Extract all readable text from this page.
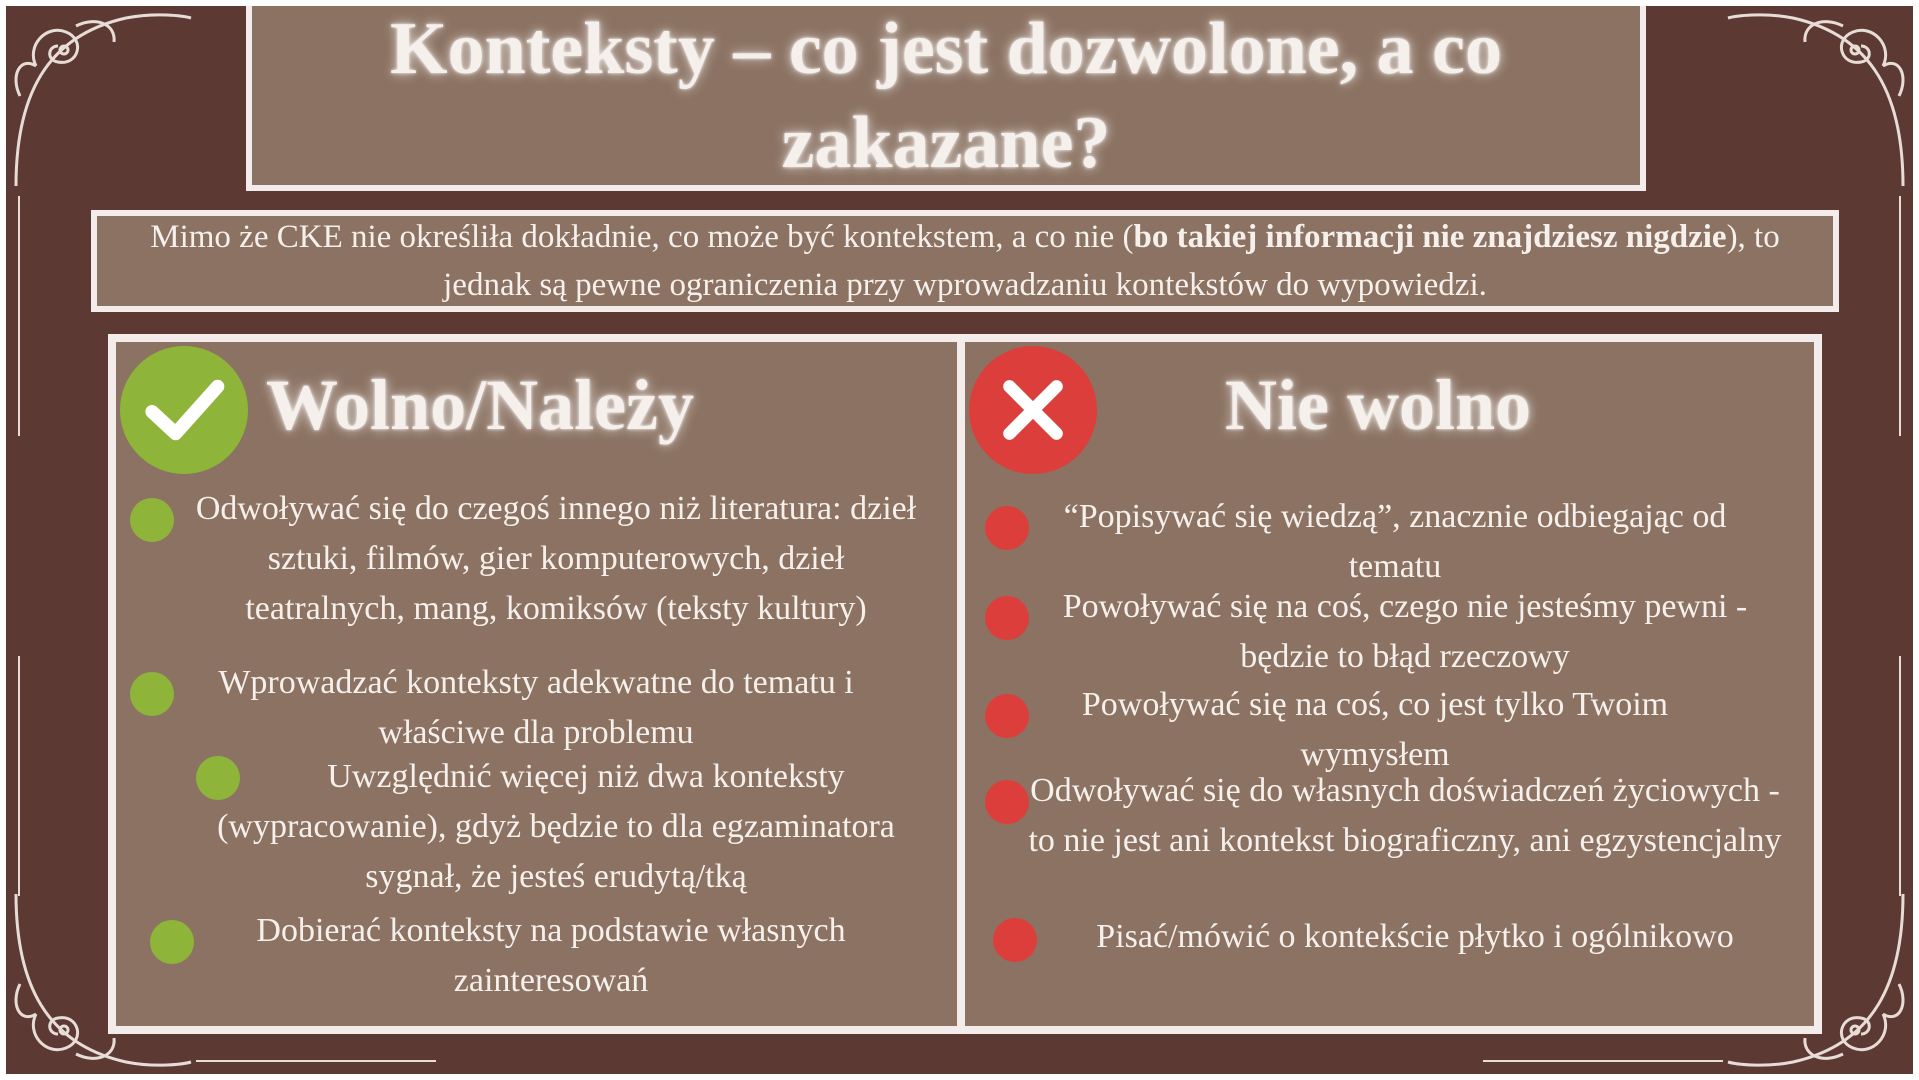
Konteksty – co jest dozwolone, a co zakazane?
Mimo że CKE nie określiła dokładnie, co może być kontekstem, a co nie (bo takiej informacji nie znajdziesz nigdzie), to jednak są pewne ograniczenia przy wprowadzaniu kontekstów do wypowiedzi.
Wolno/Należy
Odwoływać się do czegoś innego niż literatura: dzieł sztuki, filmów, gier komputerowych, dzieł teatralnych, mang, komiksów (teksty kultury)
Wprowadzać konteksty adekwatne do tematu i właściwe dla problemu
Uwzględnić więcej niż dwa konteksty (wypracowanie), gdyż będzie to dla egzaminatora sygnał, że jesteś erudytą/tką
Dobierać konteksty na podstawie własnych zainteresowań
Nie wolno
“Popisywać się wiedzą”, znacznie odbiegając od tematu
Powoływać się na coś, czego nie jesteśmy pewni - będzie to błąd rzeczowy
Powoływać się na coś, co jest tylko Twoim wymysłem
Odwoływać się do własnych doświadczeń życiowych - to nie jest ani kontekst biograficzny, ani egzystencjalny
Pisać/mówić o kontekście płytko i ogólnikowo
